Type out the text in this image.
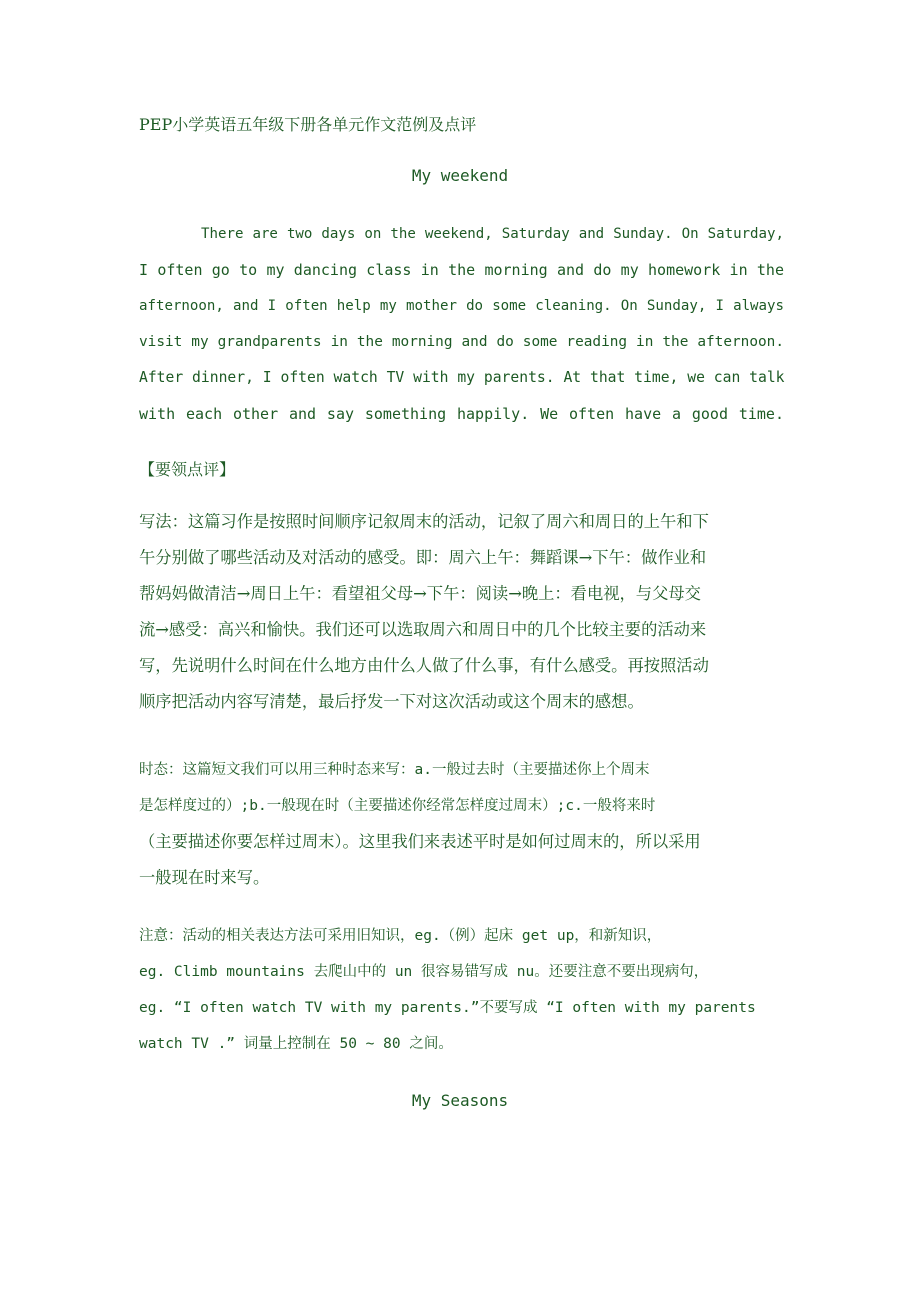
PEP小学英语五年级下册各单元作文范例及点评
My weekend
There are two days on the weekend, Saturday and Sunday. On Saturday,
I often go to my dancing class in the morning and do my homework in the
afternoon, and I often help my mother do some cleaning. On Sunday, I always
visit my grandparents in the morning and do some reading in the afternoon.
After dinner, I often watch TV with my parents. At that time, we can talk
with each other and say something happily. We often have a good time.
【要领点评】
写法：这篇习作是按照时间顺序记叙周末的活动，记叙了周六和周日的上午和下
午分别做了哪些活动及对活动的感受。即：周六上午：舞蹈课→下午：做作业和
帮妈妈做清洁→周日上午：看望祖父母→下午：阅读→晚上：看电视，与父母交
流→感受：高兴和愉快。我们还可以选取周六和周日中的几个比较主要的活动来
写，先说明什么时间在什么地方由什么人做了什么事，有什么感受。再按照活动
顺序把活动内容写清楚，最后抒发一下对这次活动或这个周末的感想。
时态：这篇短文我们可以用三种时态来写：a.一般过去时（主要描述你上个周末
是怎样度过的）;b.一般现在时（主要描述你经常怎样度过周末）;c.一般将来时
（主要描述你要怎样过周末）。这里我们来表述平时是如何过周末的，所以采用
一般现在时来写。
注意：活动的相关表达方法可采用旧知识，eg.（例）起床 get up，和新知识，
eg. Climb mountains 去爬山中的 un 很容易错写成 nu。还要注意不要出现病句，
eg. “I often watch TV with my parents.”不要写成 “I often with my parents
watch TV .” 词量上控制在 50 ~ 80 之间。
My Seasons
